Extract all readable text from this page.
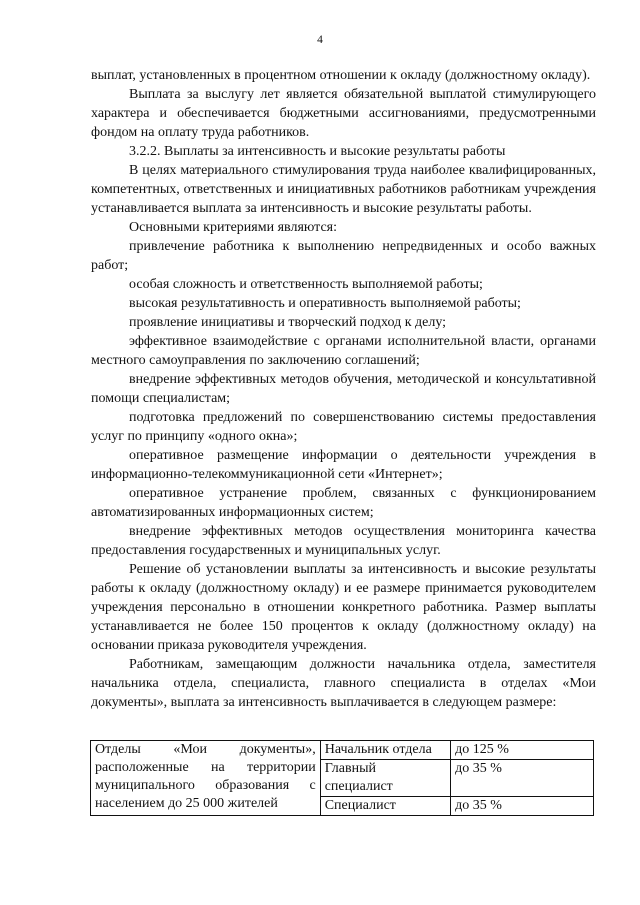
4

выплат, установленных в процентном отношении к окладу (должностному окладу).

Выплата за выслугу лет является обязательной выплатой стимулирующего характера и обеспечивается бюджетными ассигнованиями, предусмотренными фондом на оплату труда работников.

3.2.2. Выплаты за интенсивность и высокие результаты работы

В целях материального стимулирования труда наиболее квалифицированных, компетентных, ответственных и инициативных работников работникам учреждения устанавливается выплата за интенсивность и высокие результаты работы.

Основными критериями являются:

привлечение работника к выполнению непредвиденных и особо важных работ;

особая сложность и ответственность выполняемой работы;

высокая результативность и оперативность выполняемой работы;

проявление инициативы и творческий подход к делу;

эффективное взаимодействие с органами исполнительной власти, органами местного самоуправления по заключению соглашений;

внедрение эффективных методов обучения, методической и консультативной помощи специалистам;

подготовка предложений по совершенствованию системы предоставления услуг по принципу «одного окна»;

оперативное размещение информации о деятельности учреждения в информационно-телекоммуникационной сети «Интернет»;

оперативное устранение проблем, связанных с функционированием автоматизированных информационных систем;

внедрение эффективных методов осуществления мониторинга качества предоставления государственных и муниципальных услуг.

Решение об установлении выплаты за интенсивность и высокие результаты работы к окладу (должностному окладу) и ее размере принимается руководителем учреждения персонально в отношении конкретного работника. Размер выплаты устанавливается не более 150 процентов к окладу (должностному окладу) на основании приказа руководителя учреждения.

Работникам, замещающим должности начальника отдела, заместителя начальника отдела, специалиста, главного специалиста в отделах «Мои документы», выплата за интенсивность выплачивается в следующем размере:

Отделы «Мои документы», расположенные на территории муниципального образования с населением до 25 000 жителей	Начальник отдела	до 125 %
	Главный специалист	до 35 %
	Специалист	до 35 %
